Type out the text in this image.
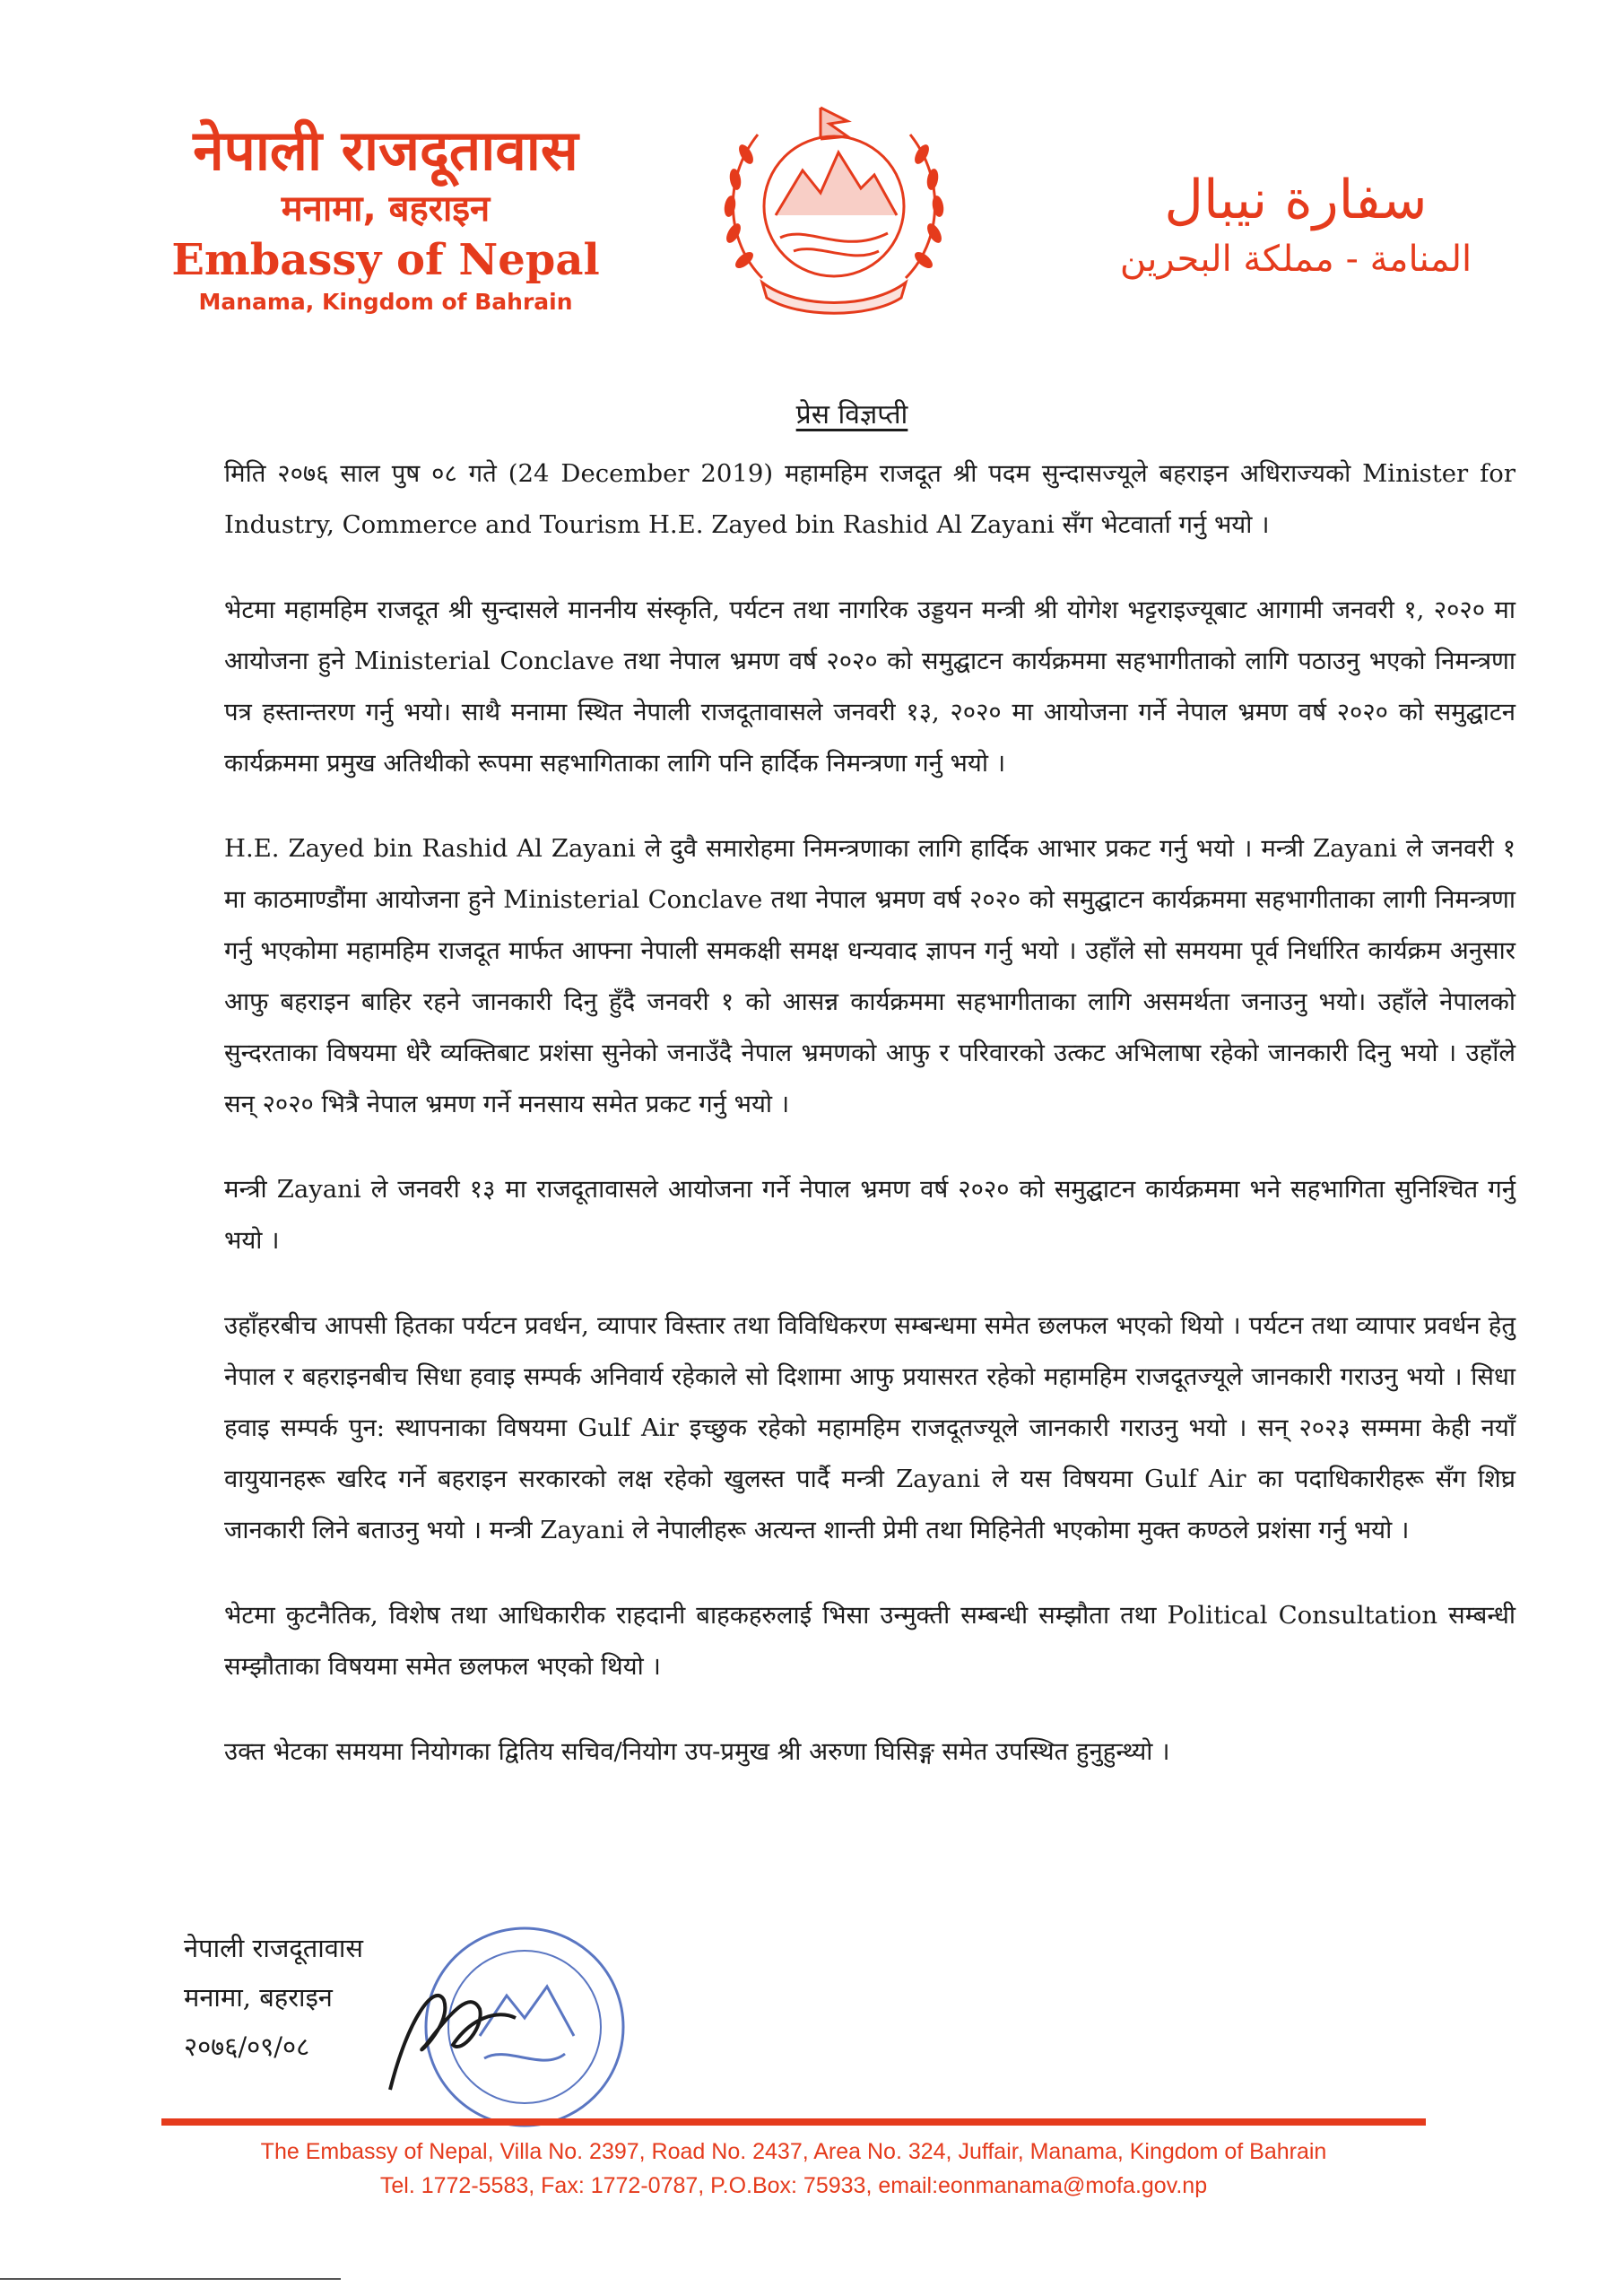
नेपाली राजदूतावास
मनामा, बहराइन
Embassy of Nepal
Manama, Kingdom of Bahrain
سفارة نيبال
المنامة - مملكة البحرين
प्रेस विज्ञप्ती

मिति २०७६ साल पुष ०८ गते (24 December 2019) महामहिम राजदूत श्री पदम सुन्दासज्यूले बहराइन अधिराज्यको Minister for Industry, Commerce and Tourism H.E. Zayed bin Rashid Al Zayani सँग भेटवार्ता गर्नु भयो ।

भेटमा महामहिम राजदूत श्री सुन्दासले माननीय संस्कृति, पर्यटन तथा नागरिक उड्डयन मन्त्री श्री योगेश भट्टराइज्यूबाट आगामी जनवरी १, २०२० मा आयोजना हुने Ministerial Conclave तथा नेपाल भ्रमण वर्ष २०२० को समुद्घाटन कार्यक्रममा सहभागीताको लागि पठाउनु भएको निमन्त्रणा पत्र हस्तान्तरण गर्नु भयो। साथै मनामा स्थित नेपाली राजदूतावासले जनवरी १३, २०२० मा आयोजना गर्ने नेपाल भ्रमण वर्ष २०२० को समुद्घाटन कार्यक्रममा प्रमुख अतिथीको रूपमा सहभागिताका लागि पनि हार्दिक निमन्त्रणा गर्नु भयो ।

H.E. Zayed bin Rashid Al Zayani ले दुवै समारोहमा निमन्त्रणाका लागि हार्दिक आभार प्रकट गर्नु भयो । मन्त्री Zayani ले जनवरी १ मा काठमाण्डौंमा आयोजना हुने Ministerial Conclave तथा नेपाल भ्रमण वर्ष २०२० को समुद्घाटन कार्यक्रममा सहभागीताका लागी निमन्त्रणा गर्नु भएकोमा महामहिम राजदूत मार्फत आफ्ना नेपाली समकक्षी समक्ष धन्यवाद ज्ञापन गर्नु भयो । उहाँले सो समयमा पूर्व निर्धारित कार्यक्रम अनुसार आफु बहराइन बाहिर रहने जानकारी दिनु हुँदै जनवरी १ को आसन्न कार्यक्रममा सहभागीताका लागि असमर्थता जनाउनु भयो। उहाँले नेपालको सुन्दरताका विषयमा धेरै व्यक्तिबाट प्रशंसा सुनेको जनाउँदै नेपाल भ्रमणको आफु र परिवारको उत्कट अभिलाषा रहेको जानकारी दिनु भयो । उहाँले सन् २०२० भित्रै नेपाल भ्रमण गर्ने मनसाय समेत प्रकट गर्नु भयो ।

मन्त्री Zayani ले जनवरी १३ मा राजदूतावासले आयोजना गर्ने नेपाल भ्रमण वर्ष २०२० को समुद्घाटन कार्यक्रममा भने सहभागिता सुनिश्चित गर्नु भयो ।

उहाँहरबीच आपसी हितका पर्यटन प्रवर्धन, व्यापार विस्तार तथा विविधिकरण सम्बन्धमा समेत छलफल भएको थियो । पर्यटन तथा व्यापार प्रवर्धन हेतु नेपाल र बहराइनबीच सिधा हवाइ सम्पर्क अनिवार्य रहेकाले सो दिशामा आफु प्रयासरत रहेको महामहिम राजदूतज्यूले जानकारी गराउनु भयो । सिधा हवाइ सम्पर्क पुन: स्थापनाका विषयमा Gulf Air इच्छुक रहेको महामहिम राजदूतज्यूले जानकारी गराउनु भयो । सन् २०२३ सम्ममा केही नयाँ वायुयानहरू खरिद गर्ने बहराइन सरकारको लक्ष रहेको खुलस्त पार्दै मन्त्री Zayani ले यस विषयमा Gulf Air का पदाधिकारीहरू सँग शिघ्र जानकारी लिने बताउनु भयो । मन्त्री Zayani ले नेपालीहरू अत्यन्त शान्ती प्रेमी तथा मिहिनेती भएकोमा मुक्त कण्ठले प्रशंसा गर्नु भयो ।

भेटमा कुटनैतिक, विशेष तथा आधिकारीक राहदानी बाहकहरुलाई भिसा उन्मुक्ती सम्बन्धी सम्झौता तथा Political Consultation सम्बन्धी सम्झौताका विषयमा समेत छलफल भएको थियो ।

उक्त भेटका समयमा नियोगका द्वितिय सचिव/नियोग उप-प्रमुख श्री अरुणा घिसिङ्ग समेत उपस्थित हुनुहुन्थ्यो ।

नेपाली राजदूतावास
मनामा, बहराइन
२०७६/०९/०८
The Embassy of Nepal, Villa No. 2397, Road No. 2437, Area No. 324, Juffair, Manama, Kingdom of Bahrain
Tel. 1772-5583, Fax: 1772-0787, P.O.Box: 75933, email:eonmanama@mofa.gov.np
